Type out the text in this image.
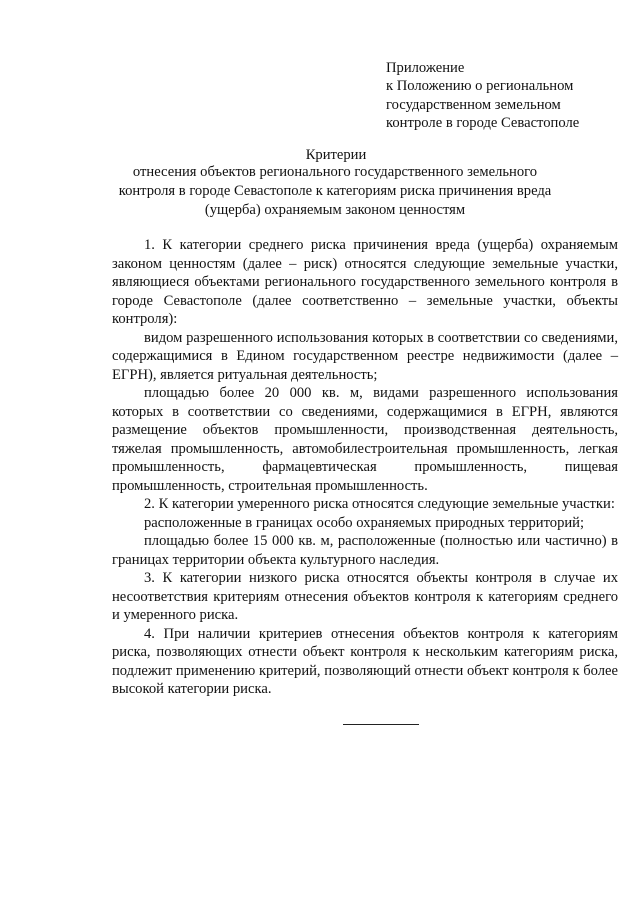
Приложение
к Положению о региональном
государственном земельном
контроле в городе Севастополе
Критерии
отнесения объектов регионального государственного земельного контроля в городе Севастополе к категориям риска причинения вреда (ущерба) охраняемым законом ценностям

1. К категории среднего риска причинения вреда (ущерба) охраняемым законом ценностям (далее – риск) относятся следующие земельные участки, являющиеся объектами регионального государственного земельного контроля в городе Севастополе (далее соответственно – земельные участки, объекты контроля):

видом разрешенного использования которых в соответствии со сведениями, содержащимися в Едином государственном реестре недвижимости (далее – ЕГРН), является ритуальная деятельность;

площадью более 20 000 кв. м, видами разрешенного использования которых в соответствии со сведениями, содержащимися в ЕГРН, являются размещение объектов промышленности, производственная деятельность, тяжелая промышленность, автомобилестроительная промышленность, легкая промышленность, фармацевтическая промышленность, пищевая промышленность, строительная промышленность.

2. К категории умеренного риска относятся следующие земельные участки:

расположенные в границах особо охраняемых природных территорий;

площадью более 15 000 кв. м, расположенные (полностью или частично) в границах территории объекта культурного наследия.

3. К категории низкого риска относятся объекты контроля в случае их несоответствия критериям отнесения объектов контроля к категориям среднего и умеренного риска.

4. При наличии критериев отнесения объектов контроля к категориям риска, позволяющих отнести объект контроля к нескольким категориям риска, подлежит применению критерий, позволяющий отнести объект контроля к более высокой категории риска.
